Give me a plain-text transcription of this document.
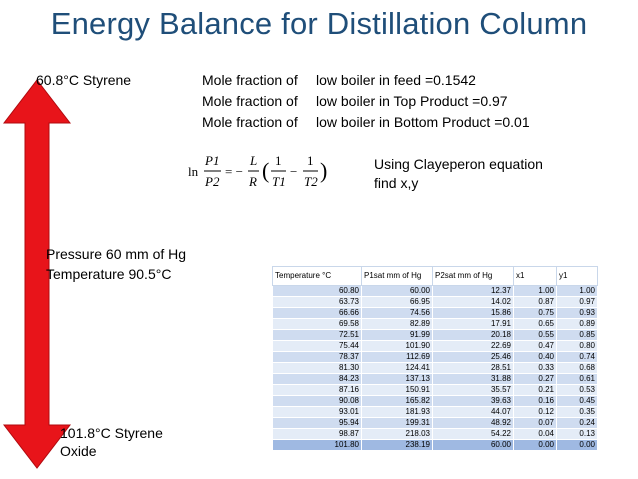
Energy Balance for Distillation Column
60.8°C Styrene	Mole fraction of low boiler in feed =0.1542
Mole fraction of low boiler in Top Product =0.97
Mole fraction of low boiler in Bottom Product =0.01
ln
P1
P2
= −
L
R ( 1
T1
−
1
T2 )	Using Clayeperon equation
find x,y
Pressure 60 mm of Hg
Temperature 90.5°C
101.8°C Styrene
Oxide
Temperature °C	P1sat mm of Hg	P2sat mm of Hg	x1	y1
60.80	60.00	12.37	1.00	1.00
63.73	66.95	14.02	0.87	0.97
66.66	74.56	15.86	0.75	0.93
69.58	82.89	17.91	0.65	0.89
72.51	91.99	20.18	0.55	0.85
75.44	101.90	22.69	0.47	0.80
78.37	112.69	25.46	0.40	0.74
81.30	124.41	28.51	0.33	0.68
84.23	137.13	31.88	0.27	0.61
87.16	150.91	35.57	0.21	0.53
90.08	165.82	39.63	0.16	0.45
93.01	181.93	44.07	0.12	0.35
95.94	199.31	48.92	0.07	0.24
98.87	218.03	54.22	0.04	0.13
101.80	238.19	60.00	0.00	0.00
